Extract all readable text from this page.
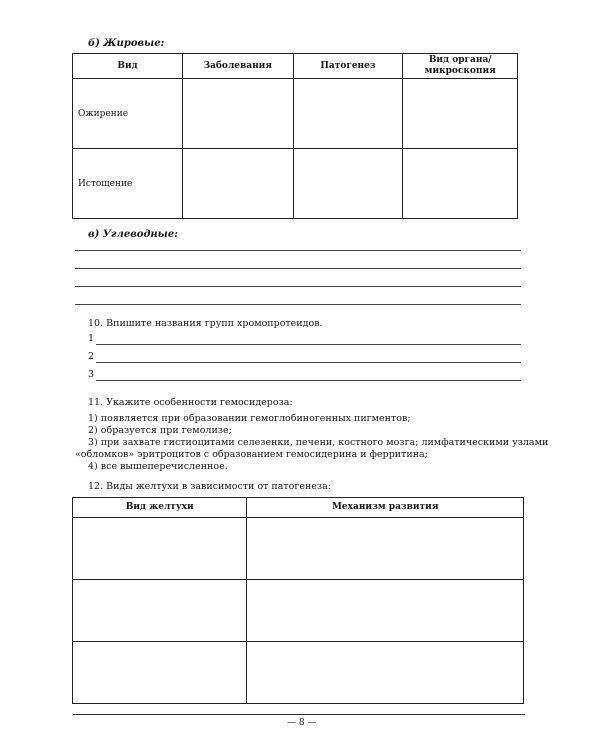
б) Жировые:
Вид	Заболевания	Патогенез	Вид органа/
микроскопия
Ожирение			
Истощение			
в) Углеводные:
10. Впишите названия групп хромопротеидов.
1
2
3
11. Укажите особенности гемосидероза:
1) появляется при образовании гемоглобиногенных пигментов;
2) образуется при гемолизе;
3) при захвате гистиоцитами селезенки, печени, костного мозга; лимфатическими узлами
«обломков» эритроцитов с образованием гемосидерина и ферритина;
4) все вышеперечисленное.
12. Виды желтухи в зависимости от патогенеза:
Вид желтухи	Механизм развития

— 8 —
